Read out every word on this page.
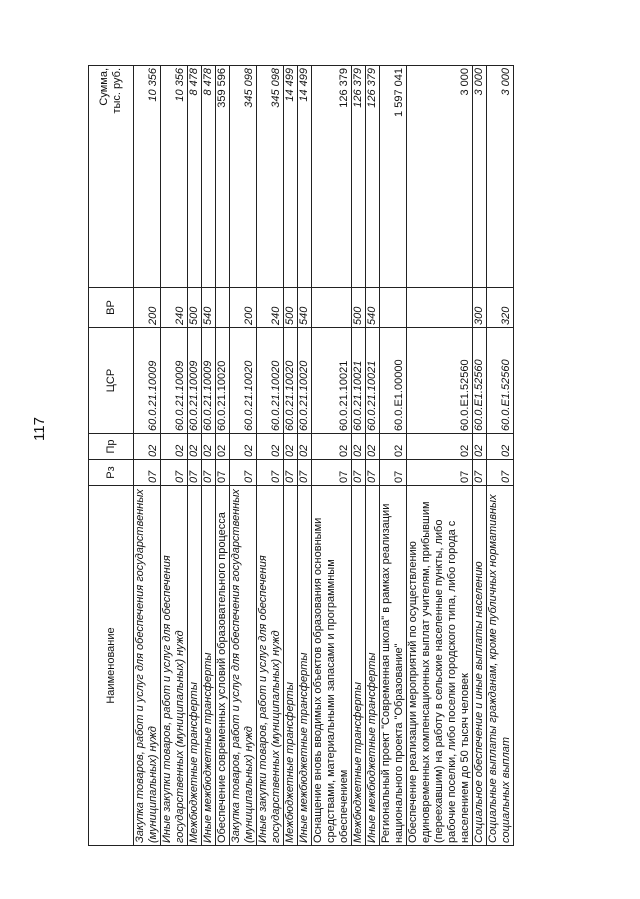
117
Наименование	Рз	Пр	ЦСР	ВР	Сумма,
тыс. руб.
Закупка товаров, работ и услуг для обеспечения государственных (муниципальных) нужд	07	02	60.0.21.10009	200	10 356
Иные закупки товаров, работ и услуг для обеспечения государственных (муниципальных) нужд	07	02	60.0.21.10009	240	10 356
Межбюджетные трансферты	07	02	60.0.21.10009	500	8 478
Иные межбюджетные трансферты	07	02	60.0.21.10009	540	8 478
Обеспечение современных условий образовательного процесса	07	02	60.0.21.10020		359 596
Закупка товаров, работ и услуг для обеспечения государственных (муниципальных) нужд	07	02	60.0.21.10020	200	345 098
Иные закупки товаров, работ и услуг для обеспечения государственных (муниципальных) нужд	07	02	60.0.21.10020	240	345 098
Межбюджетные трансферты	07	02	60.0.21.10020	500	14 499
Иные межбюджетные трансферты	07	02	60.0.21.10020	540	14 499
Оснащение вновь вводимых объектов образования основными средствами, материальными запасами и программным обеспечением	07	02	60.0.21.10021		126 379
Межбюджетные трансферты	07	02	60.0.21.10021	500	126 379
Иные межбюджетные трансферты	07	02	60.0.21.10021	540	126 379
Региональный проект "Современная школа" в рамках реализации национального проекта "Образование"	07	02	60.0.E1.00000		1 597 041
Обеспечение реализации мероприятий по осуществлению единовременных компенсационных выплат учителям, прибывшим (переехавшим) на работу в сельские населенные пункты, либо рабочие поселки, либо поселки городского типа, либо города с населением до 50 тысяч человек	07	02	60.0.E1.52560		3 000
Социальное обеспечение и иные выплаты населению	07	02	60.0.E1.52560	300	3 000
Социальные выплаты гражданам, кроме публичных нормативных социальных выплат	07	02	60.0.E1.52560	320	3 000
